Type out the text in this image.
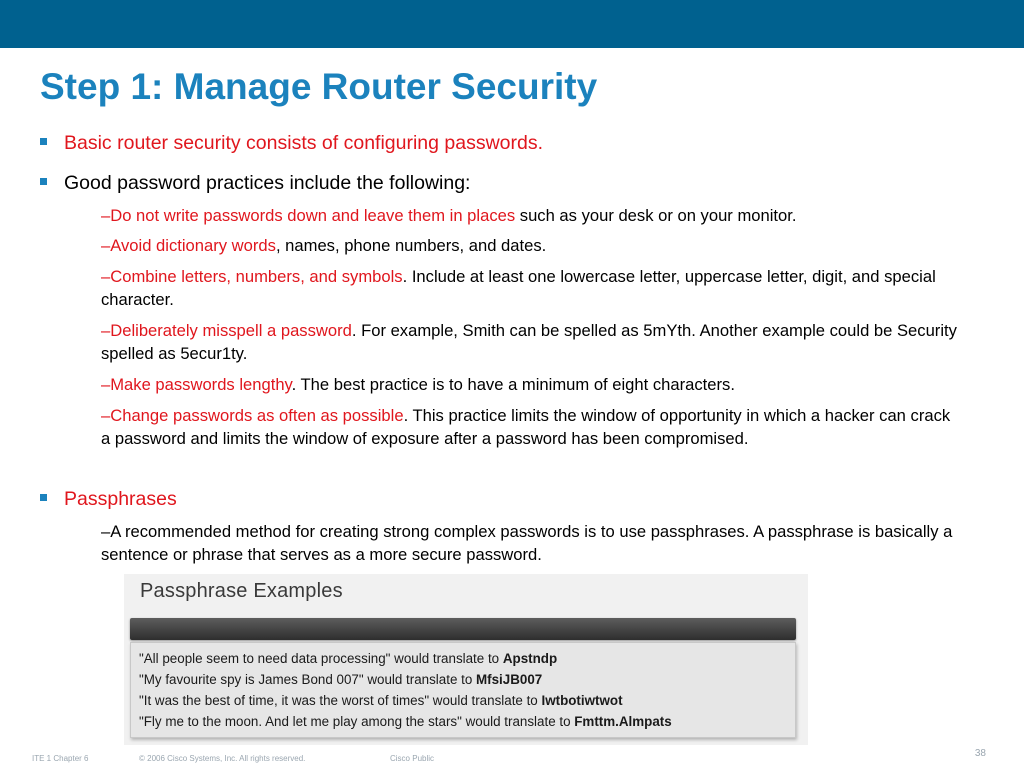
Step 1: Manage Router Security
Basic router security consists of configuring passwords.
Good password practices include the following:
–Do not write passwords down and leave them in places such as your desk or on your monitor.
–Avoid dictionary words, names, phone numbers, and dates.
–Combine letters, numbers, and symbols. Include at least one lowercase letter, uppercase letter, digit, and special character.
–Deliberately misspell a password. For example, Smith can be spelled as 5mYth. Another example could be Security spelled as 5ecur1ty.
–Make passwords lengthy. The best practice is to have a minimum of eight characters.
–Change passwords as often as possible. This practice limits the window of opportunity in which a hacker can crack a password and limits the window of exposure after a password has been compromised.
Passphrases
–A recommended method for creating strong complex passwords is to use passphrases. A passphrase is basically a sentence or phrase that serves as a more secure password.
Passphrase Examples
"All people seem to need data processing" would translate to Apstndp
"My favourite spy is James Bond 007" would translate to MfsiJB007
"It was the best of time, it was the worst of times" would translate to Iwtbotiwtwot
"Fly me to the moon. And let me play among the stars" would translate to Fmttm.Almpats
ITE 1 Chapter 6	© 2006 Cisco Systems, Inc. All rights reserved.	Cisco Public	38
